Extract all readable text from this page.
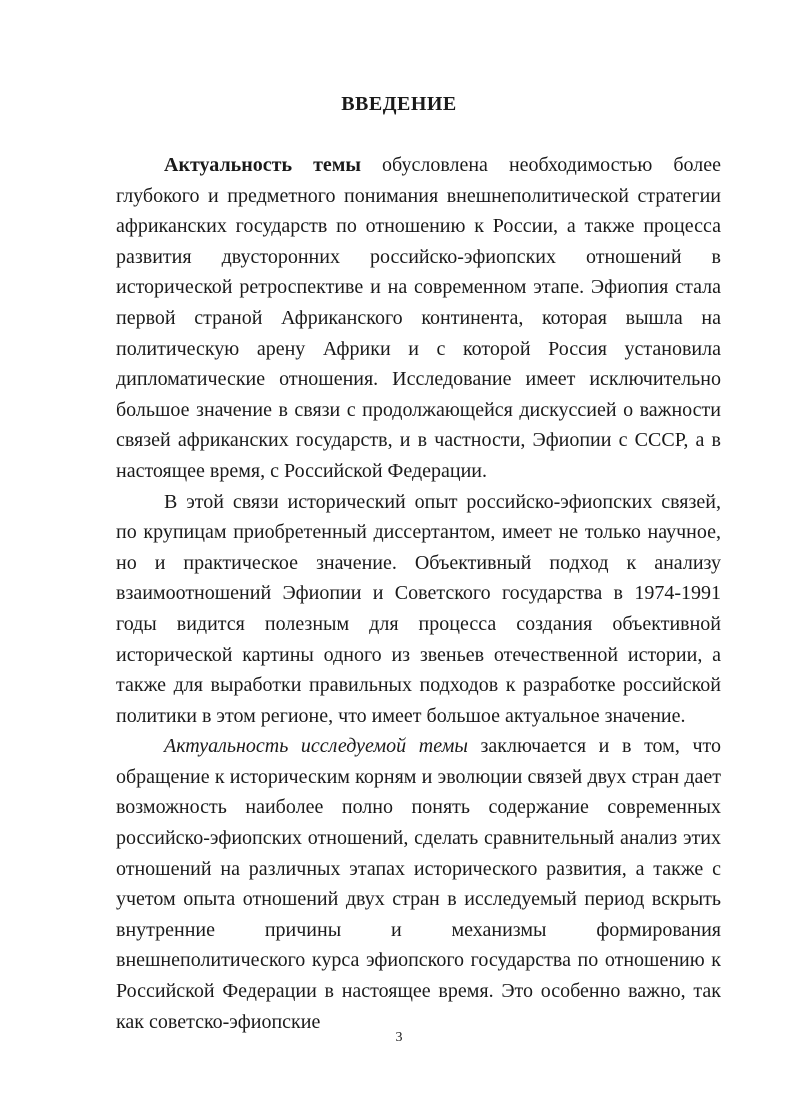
ВВЕДЕНИЕ

Актуальность темы обусловлена необходимостью более глубокого и предметного понимания внешнеполитической стратегии африканских государств по отношению к России, а также процесса развития двусторонних российско-эфиопских отношений в исторической ретроспективе и на современном этапе. Эфиопия стала первой страной Африканского континента, которая вышла на политическую арену Африки и с которой Россия установила дипломатические отношения. Исследование имеет исключительно большое значение в связи с продолжающейся дискуссией о важности связей африканских государств, и в частности, Эфиопии с СССР, а в настоящее время, с Российской Федерации.

В этой связи исторический опыт российско-эфиопских связей, по крупицам приобретенный диссертантом, имеет не только научное, но и практическое значение. Объективный подход к анализу взаимоотношений Эфиопии и Советского государства в 1974-1991 годы видится полезным для процесса создания объективной исторической картины одного из звеньев отечественной истории, а также для выработки правильных подходов к разработке российской политики в этом регионе, что имеет большое актуальное значение.

Актуальность исследуемой темы заключается и в том, что обращение к историческим корням и эволюции связей двух стран дает возможность наиболее полно понять содержание современных российско-эфиопских отношений, сделать сравнительный анализ этих отношений на различных этапах исторического развития, а также с учетом опыта отношений двух стран в исследуемый период вскрыть внутренние причины и механизмы формирования внешнеполитического курса эфиопского государства по отношению к Российской Федерации в настоящее время. Это особенно важно, так как советско-эфиопские

3
